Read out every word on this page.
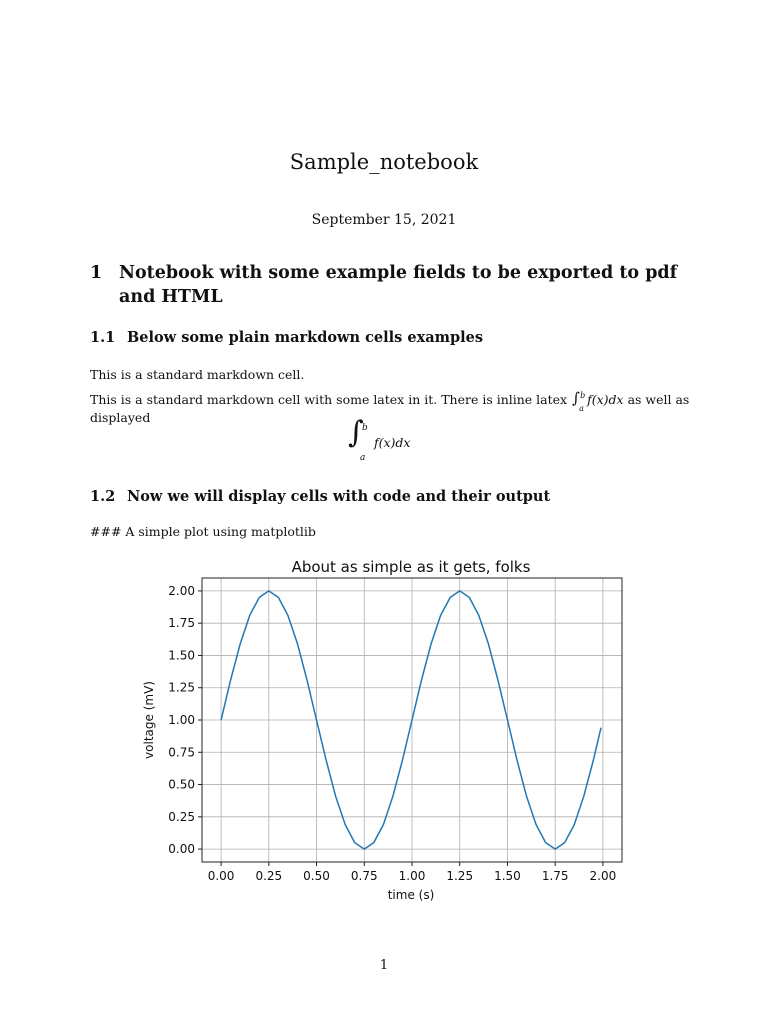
Sample_notebook
September 15, 2021
1 Notebook with some example fields to be exported to pdf and HTML
1.1 Below some plain markdown cells examples
This is a standard markdown cell.
This is a standard markdown cell with some latex in it. There is inline latex ∫ b
a
f(x)dx as well as displayed	∫
b
a
f(x)dx
1.2 Now we will display cells with code and their output
### A simple plot using matplotlib
About as simple as it gets, folks
0.00 0.25 0.50 0.75 1.00 1.25 1.50 1.75 2.00
0.00
0.25
0.50
0.75
1.00
1.25
1.50
1.75
2.00
time (s)
voltage (mV)
1
